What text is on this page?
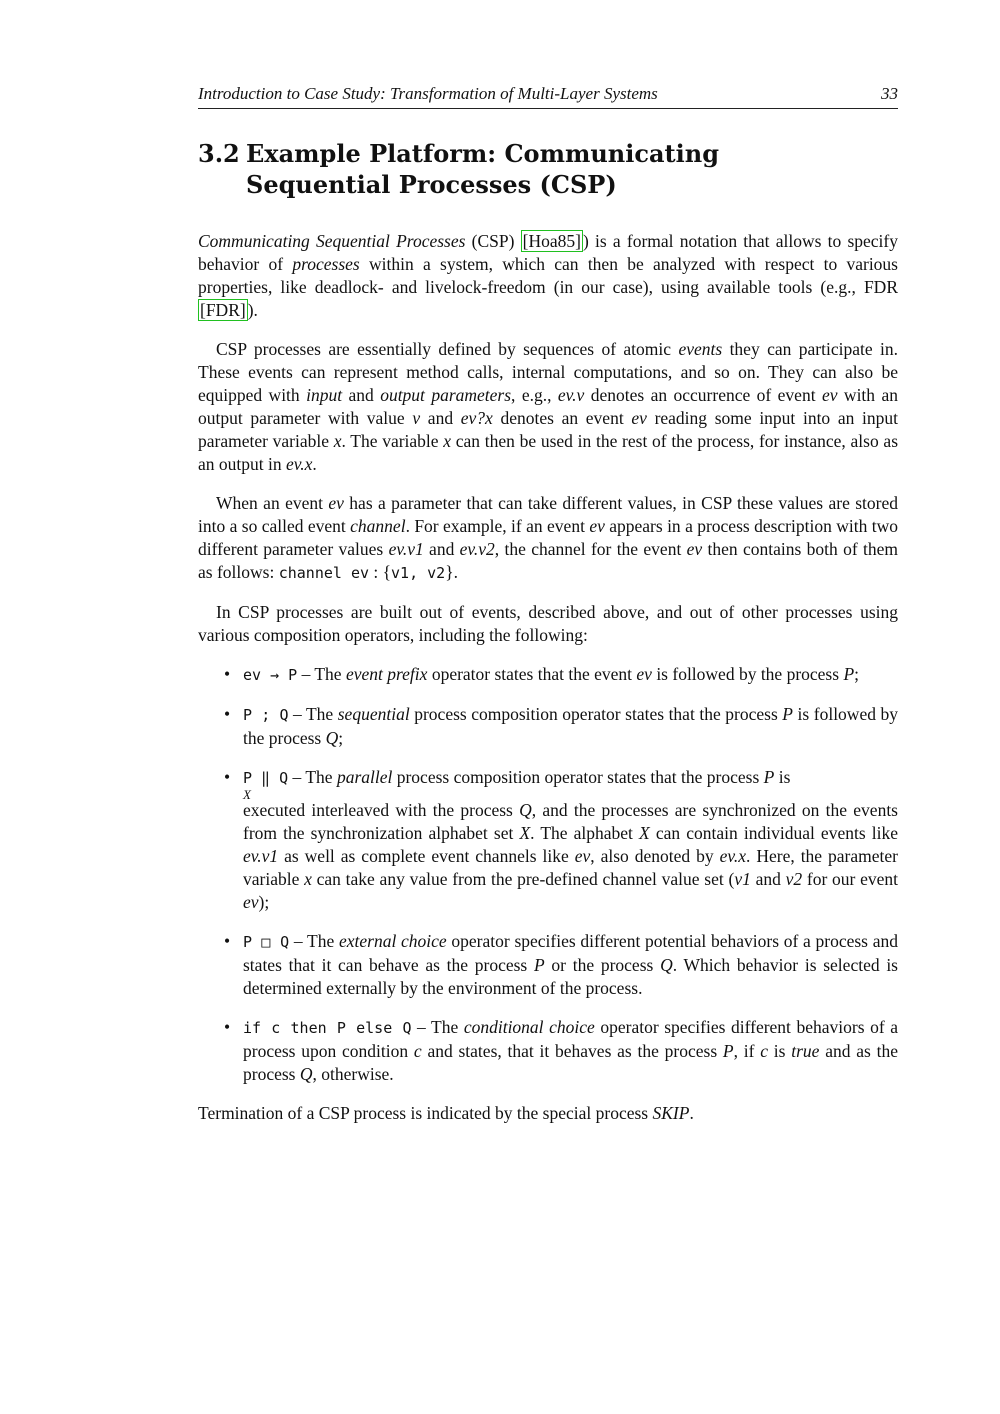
Introduction to Case Study: Transformation of Multi-Layer Systems	33
3.2 Example Platform: Communicating Sequential Processes (CSP)

Communicating Sequential Processes (CSP) [Hoa85] ) is a formal notation that allows to specify behavior of processes within a system, which can then be analyzed with respect to various properties, like deadlock- and livelock-freedom (in our case), using available tools (e.g., FDR [FDR] ).

CSP processes are essentially defined by sequences of atomic events they can participate in. These events can represent method calls, internal computations, and so on. They can also be equipped with input and output parameters, e.g., ev.v denotes an occurrence of event ev with an output parameter with value v and ev?x denotes an event ev reading some input into an input parameter variable x. The variable x can then be used in the rest of the process, for instance, also as an output in ev.x.

When an event ev has a parameter that can take different values, in CSP these values are stored into a so called event channel. For example, if an event ev appears in a process description with two different parameter values ev.v1 and ev.v2, the channel for the event ev then contains both of them as follows: channel ev : {v1, v2}.

In CSP processes are built out of events, described above, and out of other processes using various composition operators, including the following:

• ev → P – The event prefix operator states that the event ev is followed by the process P;
• P ; Q – The sequential process composition operator states that the process P is followed by the process Q;
• P ‖ Q
X
– The parallel process composition operator states that the process P is
executed interleaved with the process Q, and the processes are synchronized on the events from the synchronization alphabet set X. The alphabet X can contain individual events like ev.v1 as well as complete event channels like ev, also denoted by ev.x. Here, the parameter variable x can take any value from the pre-defined channel value set (v1 and v2 for our event ev);
• P □ Q – The external choice operator specifies different potential behaviors of a process and states that it can behave as the process P or the process Q. Which behavior is selected is determined externally by the environment of the process.
• if c then P else Q – The conditional choice operator specifies different behaviors of a process upon condition c and states, that it behaves as the process P, if c is true and as the process Q, otherwise.

Termination of a CSP process is indicated by the special process SKIP.
